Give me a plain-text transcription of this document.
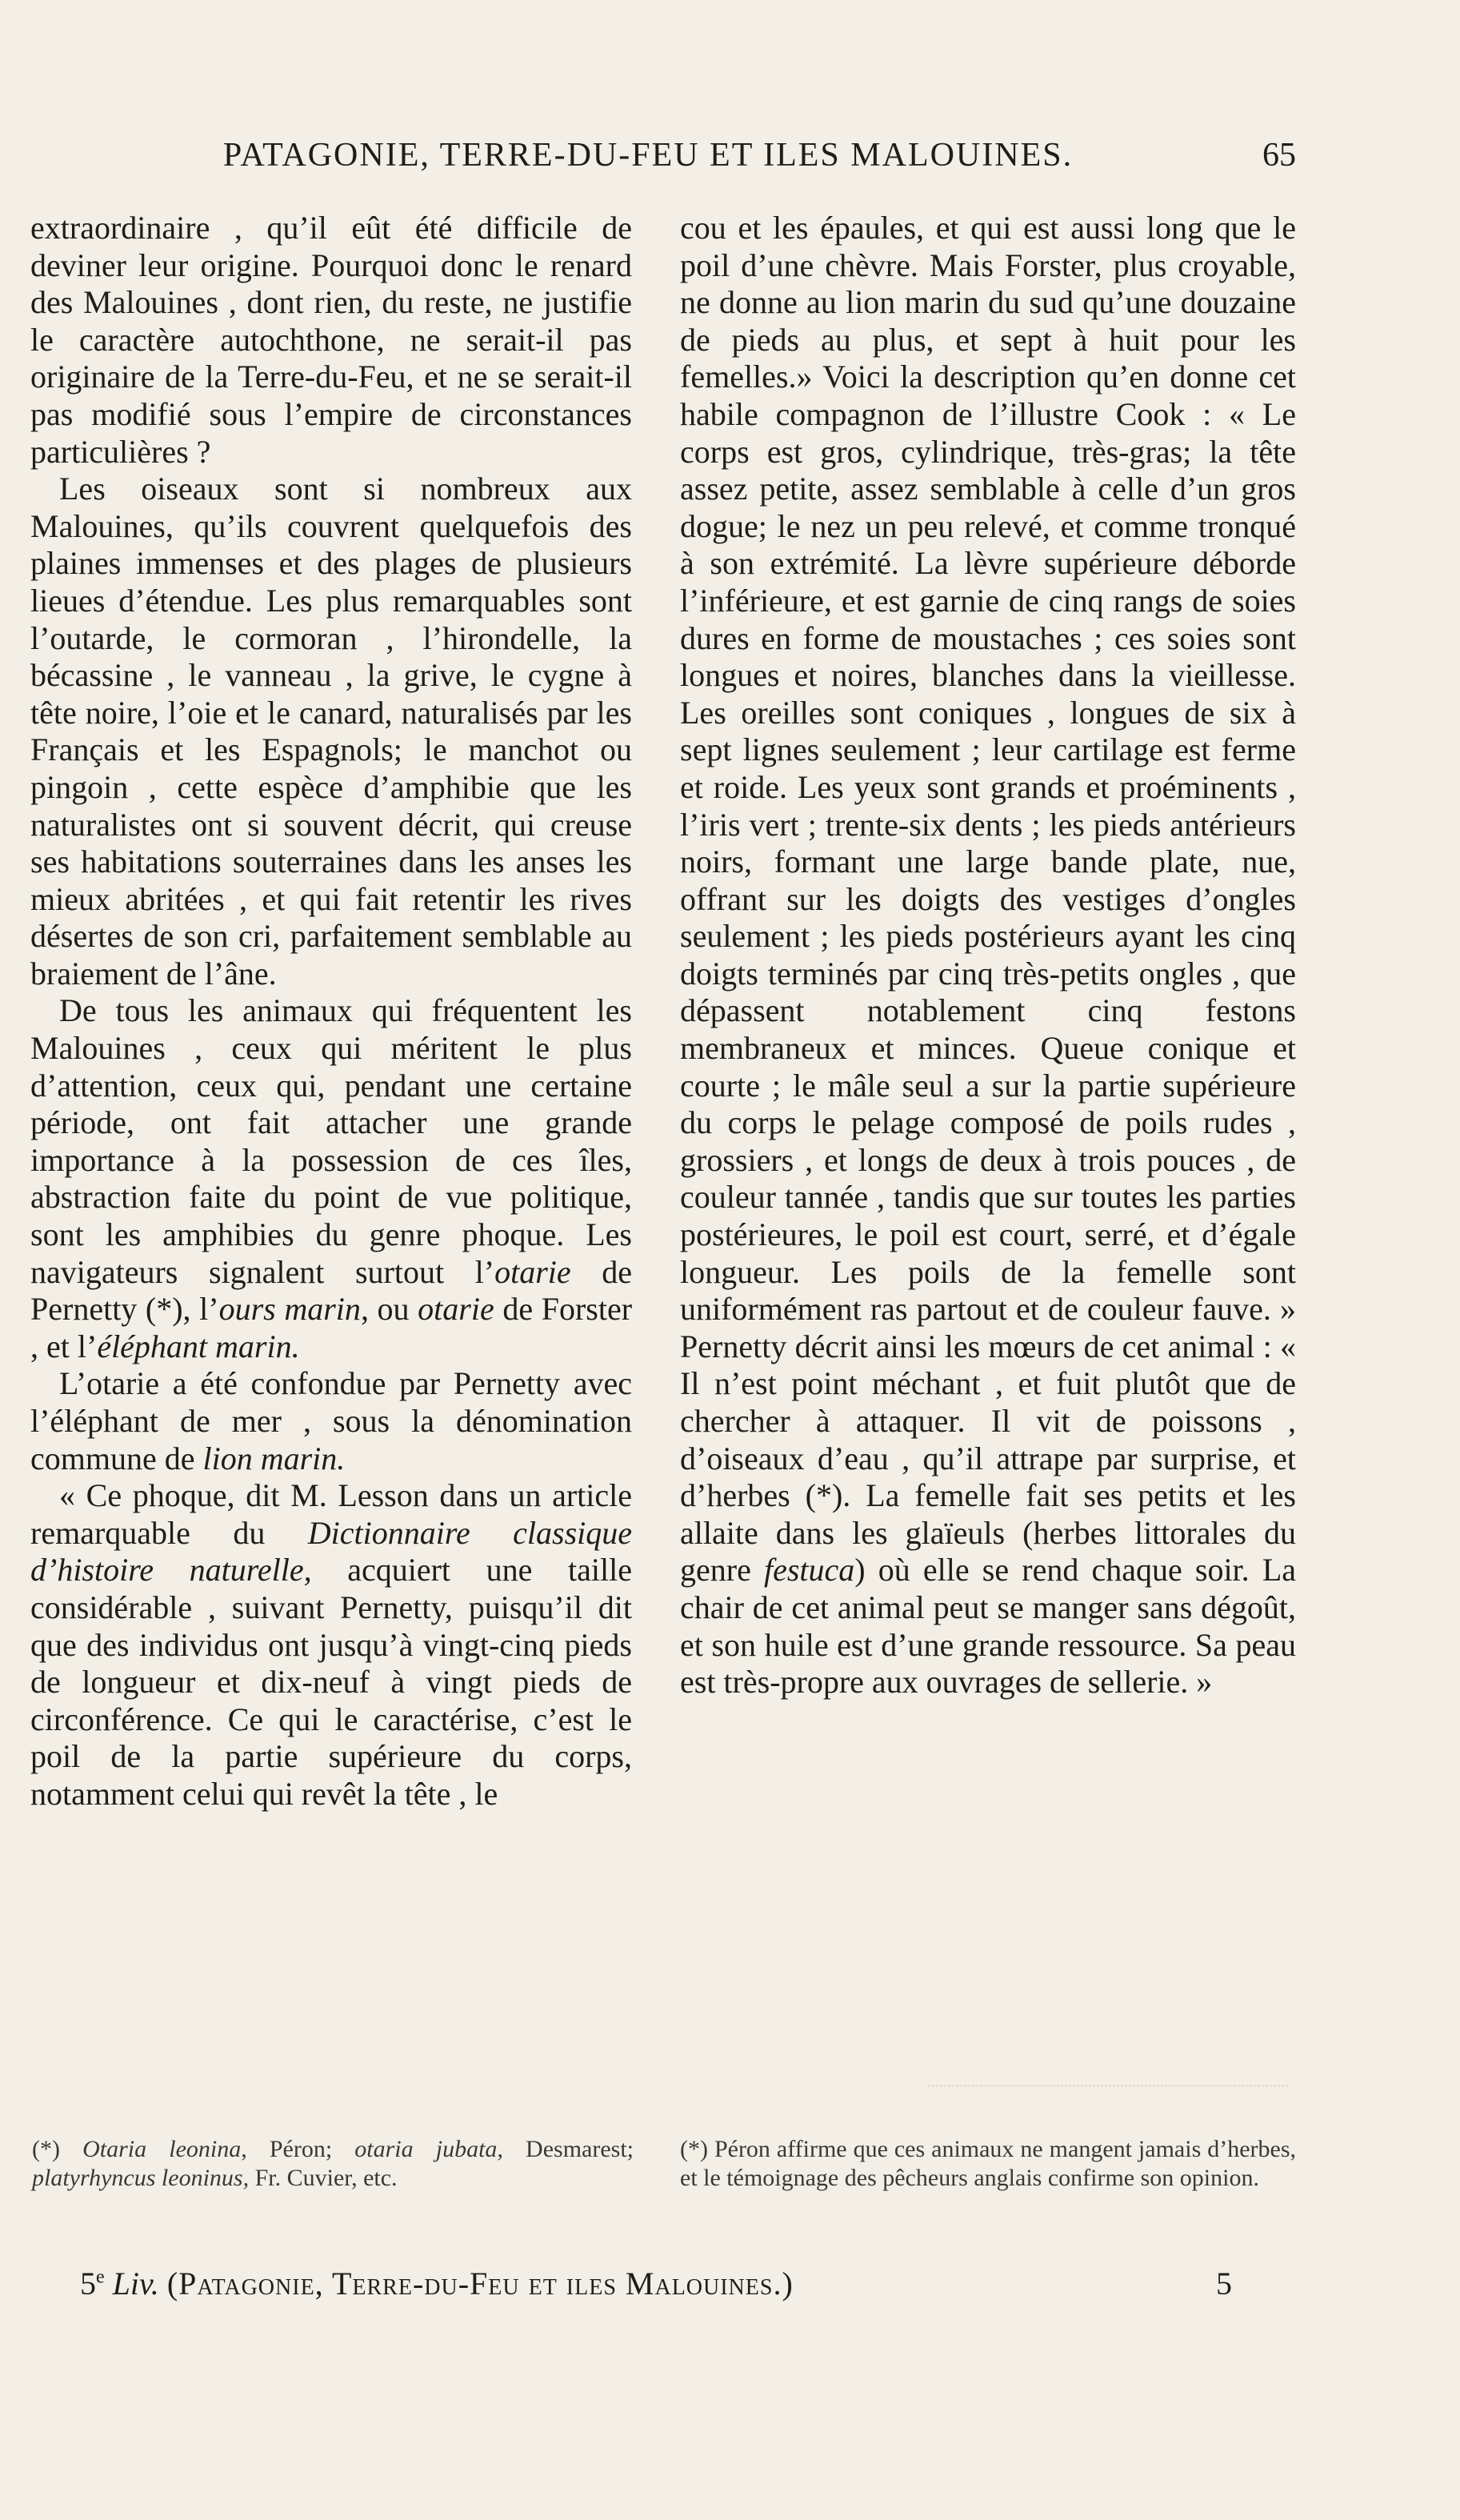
PATAGONIE, TERRE-DU-FEU ET ILES MALOUINES.	65

extraordinaire , qu’il eût été difficile de deviner leur origine. Pourquoi donc le renard des Malouines , dont rien, du reste, ne justifie le caractère autochthone, ne serait-il pas originaire de la Terre-du-Feu, et ne se serait-il pas modifié sous l’empire de circonstances particulières ?

Les oiseaux sont si nombreux aux Malouines, qu’ils couvrent quelquefois des plaines immenses et des plages de plusieurs lieues d’étendue. Les plus remarquables sont l’outarde, le cormoran , l’hirondelle, la bécassine , le vanneau , la grive, le cygne à tête noire, l’oie et le canard, naturalisés par les Français et les Espagnols; le manchot ou pingoin , cette espèce d’amphibie que les naturalistes ont si souvent décrit, qui creuse ses habitations souterraines dans les anses les mieux abritées , et qui fait retentir les rives désertes de son cri, parfaitement semblable au braiement de l’âne.

De tous les animaux qui fréquentent les Malouines , ceux qui méritent le plus d’attention, ceux qui, pendant une certaine période, ont fait attacher une grande importance à la possession de ces îles, abstraction faite du point de vue politique, sont les amphibies du genre phoque. Les navigateurs signalent surtout l’otarie de Pernetty (*), l’ours marin, ou otarie de Forster , et l’éléphant marin.

L’otarie a été confondue par Pernetty avec l’éléphant de mer , sous la dénomination commune de lion marin.

« Ce phoque, dit M. Lesson dans un article remarquable du Dictionnaire classique d’histoire naturelle, acquiert une taille considérable , suivant Pernetty, puisqu’il dit que des individus ont jusqu’à vingt-cinq pieds de longueur et dix-neuf à vingt pieds de circonférence. Ce qui le caractérise, c’est le poil de la partie supérieure du corps, notamment celui qui revêt la tête , le

cou et les épaules, et qui est aussi long que le poil d’une chèvre. Mais Forster, plus croyable, ne donne au lion marin du sud qu’une douzaine de pieds au plus, et sept à huit pour les femelles.» Voici la description qu’en donne cet habile compagnon de l’illustre Cook : « Le corps est gros, cylindrique, très-gras; la tête assez petite, assez semblable à celle d’un gros dogue; le nez un peu relevé, et comme tronqué à son extrémité. La lèvre supérieure déborde l’inférieure, et est garnie de cinq rangs de soies dures en forme de moustaches ; ces soies sont longues et noires, blanches dans la vieillesse. Les oreilles sont coniques , longues de six à sept lignes seulement ; leur cartilage est ferme et roide. Les yeux sont grands et proéminents , l’iris vert ; trente-six dents ; les pieds antérieurs noirs, formant une large bande plate, nue, offrant sur les doigts des vestiges d’ongles seulement ; les pieds postérieurs ayant les cinq doigts terminés par cinq très-petits ongles , que dépassent notablement cinq festons membraneux et minces. Queue conique et courte ; le mâle seul a sur la partie supérieure du corps le pelage composé de poils rudes , grossiers , et longs de deux à trois pouces , de couleur tannée , tandis que sur toutes les parties postérieures, le poil est court, serré, et d’égale longueur. Les poils de la femelle sont uniformément ras partout et de couleur fauve. » Pernetty décrit ainsi les mœurs de cet animal : « Il n’est point méchant , et fuit plutôt que de chercher à attaquer. Il vit de poissons , d’oiseaux d’eau , qu’il attrape par surprise, et d’herbes (*). La femelle fait ses petits et les allaite dans les glaïeuls (herbes littorales du genre festuca) où elle se rend chaque soir. La chair de cet animal peut se manger sans dégoût, et son huile est d’une grande ressource. Sa peau est très-propre aux ouvrages de sellerie. »

(*) Otaria leonina, Péron; otaria jubata, Desmarest; platyrhyncus leoninus, Fr. Cuvier, etc.
(*) Péron affirme que ces animaux ne mangent jamais d’herbes, et le témoignage des pêcheurs anglais confirme son opinion.
5e Liv. (Patagonie, Terre-du-Feu et iles Malouines.)	5
